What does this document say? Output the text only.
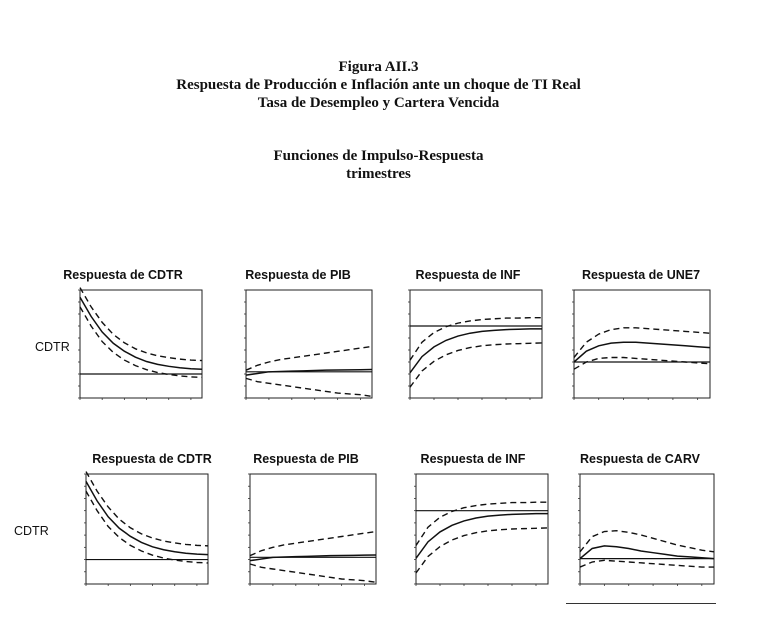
Figura AII.3
Respuesta de Producción e Inflación ante un choque de TI Real
Tasa de Desempleo y Cartera Vencida
Funciones de Impulso-Respuesta
trimestres
CDTR
CDTR
Respuesta de CDTR	Respuesta de PIB	Respuesta de INF	Respuesta de UNE7
Respuesta de CDTR	Respuesta de PIB	Respuesta de INF	Respuesta de CARV
